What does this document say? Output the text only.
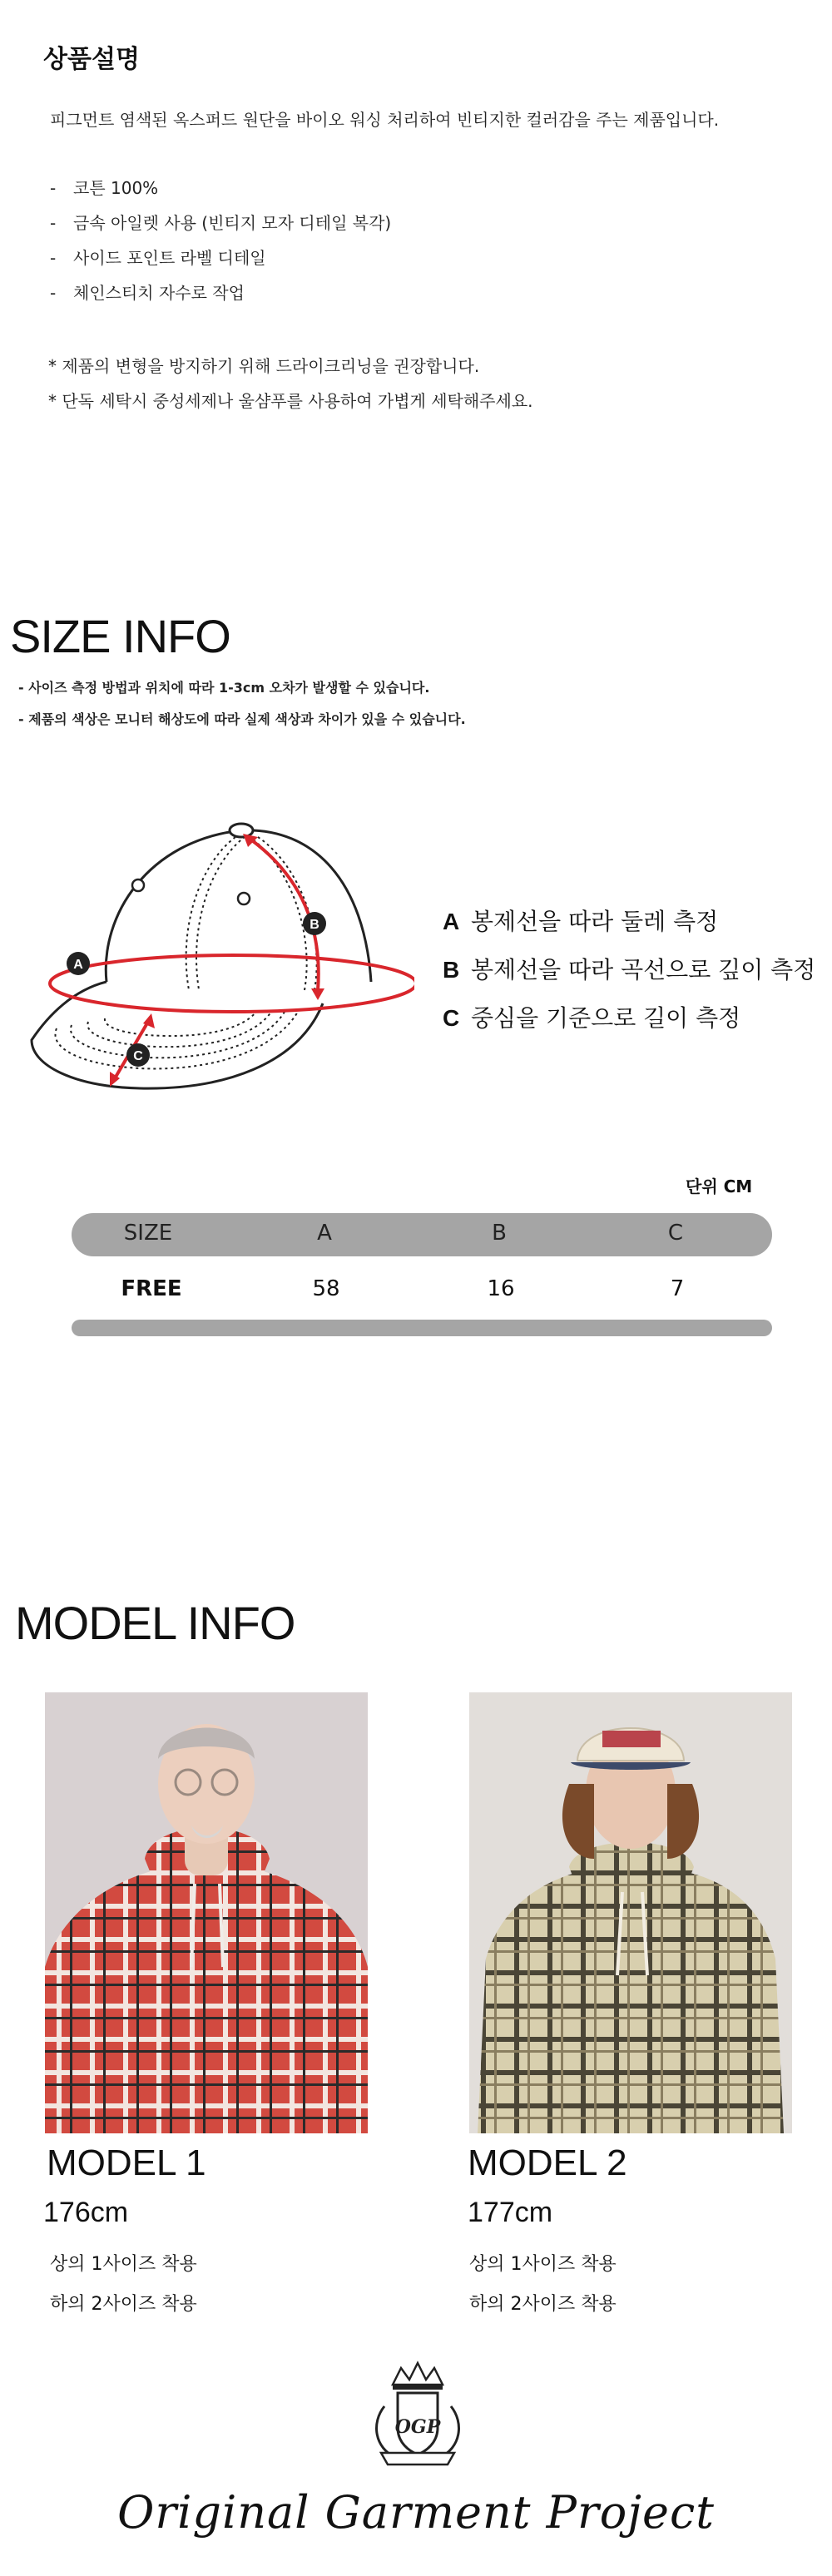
상품설명
피그먼트 염색된 옥스퍼드 원단을 바이오 워싱 처리하여 빈티지한 컬러감을 주는 제품입니다.
- 코튼 100%
- 금속 아일렛 사용 (빈티지 모자 디테일 복각)
- 사이드 포인트 라벨 디테일
- 체인스티치 자수로 작업
* 제품의 변형을 방지하기 위해 드라이크리닝을 권장합니다.
* 단독 세탁시 중성세제나 울샴푸를 사용하여 가볍게 세탁해주세요.
SIZE INFO
- 사이즈 측정 방법과 위치에 따라 1-3cm 오차가 발생할 수 있습니다.
- 제품의 색상은 모니터 해상도에 따라 실제 색상과 차이가 있을 수 있습니다.
A
B
C
A 봉제선을 따라 둘레 측정
B 봉제선을 따라 곡선으로 깊이 측정
C 중심을 기준으로 길이 측정
단위 CM
SIZE	A	B	C
FREE	58	16	7
MODEL INFO
MODEL 1
176cm
상의 1사이즈 착용
하의 2사이즈 착용
MODEL 2
177cm
상의 1사이즈 착용
하의 2사이즈 착용
OGP
Original Garment Project
